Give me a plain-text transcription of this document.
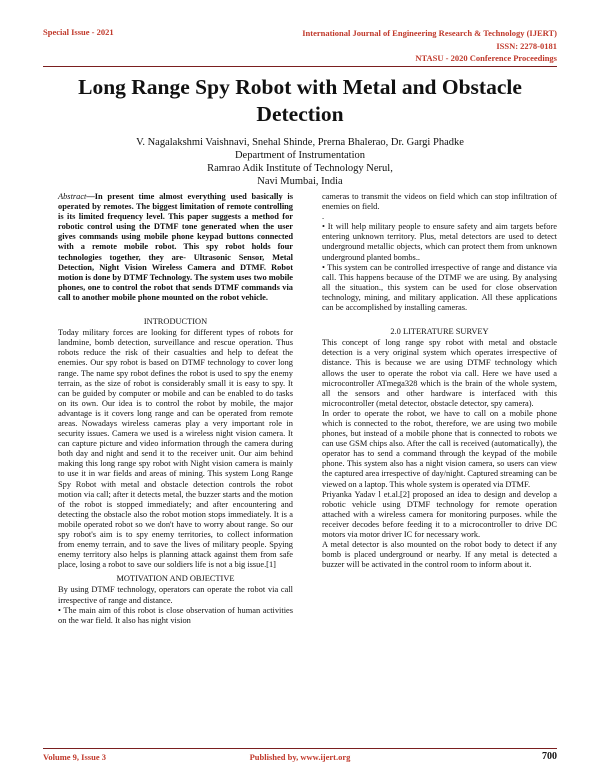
Special Issue - 2021	International Journal of Engineering Research & Technology (IJERT)
ISSN: 2278-0181
NTASU - 2020 Conference Proceedings
Long Range Spy Robot with Metal and Obstacle Detection
V. Nagalakshmi Vaishnavi, Snehal Shinde, Prerna Bhalerao, Dr. Gargi Phadke
Department of Instrumentation
Ramrao Adik Institute of Technology Nerul,
Navi Mumbai, India

Abstract—In present time almost everything used basically is operated by remotes. The biggest limitation of remote controlling is its limited frequency level. This paper suggests a method for robotic control using the DTMF tone generated when the user gives commands using mobile phone keypad buttons connected with a remote mobile robot. This spy robot holds four technologies together, they are- Ultrasonic Sensor, Metal Detection, Night Vision Wireless Camera and DTMF. Robot motion is done by DTMF Technology. The system uses two mobile phones, one to control the robot that sends DTMF commands via call to another mobile phone mounted on the robot vehicle.

INTRODUCTION

Today military forces are looking for different types of robots for landmine, bomb detection, surveillance and rescue operation. Thus robots reduce the risk of their casualties and help to defeat the enemies. Our spy robot is based on DTMF technology to cover long range. The name spy robot defines the robot is used to spy the enemy terrain, as the size of robot is considerably small it is easy to spy. It can be guided by computer or mobile and can be enabled to do tasks on its own. Our idea is to control the robot by mobile, the major advantage is it covers long range and can be operated from remote areas. Nowadays wireless cameras play a very important role in security issues. Camera we used is a wireless night vision camera. It can capture picture and video information through the camera during both day and night and send it to the receiver unit. Our aim behind making this long range spy robot with Night vision camera is mainly to use it in war fields and areas of mining. This system Long Range Spy Robot with metal and obstacle detection controls the robot motion via call; after it detects metal, the buzzer starts and the motion of the robot is stopped immediately; and after encountering and detecting the obstacle also the robot motion stops immediately. It is a mobile operated robot so we don't have to worry about range. So our spy robot's aim is to spy enemy territories, to collect information from enemy terrain, and to save the lives of military people. Spying enemy territory also helps is planning attack against them from safe place, losing a robot to save our soldiers life is not a big issue.[1]

MOTIVATION AND OBJECTIVE

By using DTMF technology, operators can operate the robot via call irrespective of range and distance.

• The main aim of this robot is close observation of human activities on the war field. It also has night vision

cameras to transmit the videos on field which can stop infiltration of enemies on field.

.

• It will help military people to ensure safety and aim targets before entering unknown territory. Plus, metal detectors are used to detect underground metallic objects, which can protect them from unknown underground planted bombs..

• This system can be controlled irrespective of range and distance via call. This happens because of the DTMF we are using. By analysing all the situation., this system can be used for close observation technology, mining, and military application. All these applications can be accomplished by installing cameras.

2.0 LITERATURE SURVEY

This concept of long range spy robot with metal and obstacle detection is a very original system which operates irrespective of distance. This is because we are using DTMF technology which allows the user to operate the robot via call. Here we have used a microcontroller ATmega328 which is the brain of the whole system, all the sensors and other hardware is interfaced with this microcontroller (metal detector, obstacle detector, spy camera).

In order to operate the robot, we have to call on a mobile phone which is connected to the robot, therefore, we are using two mobile phones, but instead of a mobile phone that is connected to robots we can use GSM chips also. After the call is received (automatically), the operator has to send a command through the keypad of the mobile phone. This system also has a night vision camera, so users can view the captured area irrespective of day/night. Captured streaming can be viewed on a laptop. This whole system is operated via DTMF.

Priyanka Yadav l et.al.[2] proposed an idea to design and develop a robotic vehicle using DTMF technology for remote operation attached with a wireless camera for monitoring purposes. while the receiver decodes before feeding it to a microcontroller to drive DC motors via motor driver IC for necessary work.

A metal detector is also mounted on the robot body to detect if any bomb is placed underground or nearby. If any metal is detected a buzzer will be activated in the control room to inform about it.

Volume 9, Issue 3	Published by, www.ijert.org	700
